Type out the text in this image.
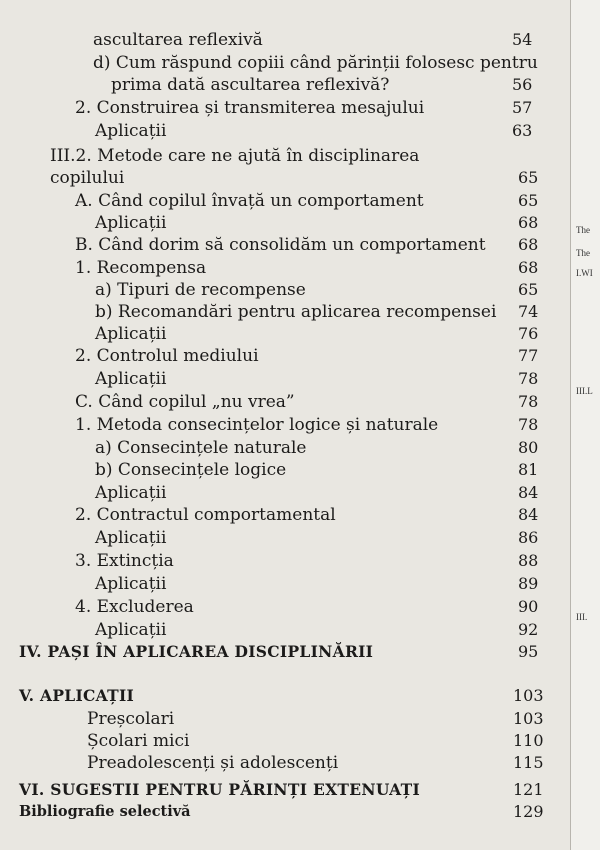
ascultarea reflexivă	54
d) Cum răspund copiii când părinții folosesc pentru
prima dată ascultarea reflexivă?	56
2. Construirea și transmiterea mesajului	57
Aplicații	63
III.2. Metode care ne ajută în disciplinarea
copilului	65
A. Când copilul învață un comportament	65
Aplicații	68
B. Când dorim să consolidăm un comportament 68
1. Recompensa	68
a) Tipuri de recompense	65
b) Recomandări pentru aplicarea recompensei 74
Aplicații	76
2. Controlul mediului	77
Aplicații	78
C. Când copilul „nu vrea”	78
1. Metoda consecințelor logice și naturale	78
a) Consecințele naturale	80
b) Consecințele logice	81
Aplicații	84
2. Contractul comportamental	84
Aplicații	86
3. Extincția	88
Aplicații	89
4. Excluderea	90
Aplicații	92
IV. PAȘI ÎN APLICAREA DISCIPLINĂRII	95
V. APLICAȚII	103
Preșcolari	103
Școlari mici	110
Preadolescenți și adolescenți	115
VI. SUGESTII PENTRU PĂRINȚI EXTENUAȚI	121
Bibliografie selectivă	129
The
The
I.WI
III.L
III.
